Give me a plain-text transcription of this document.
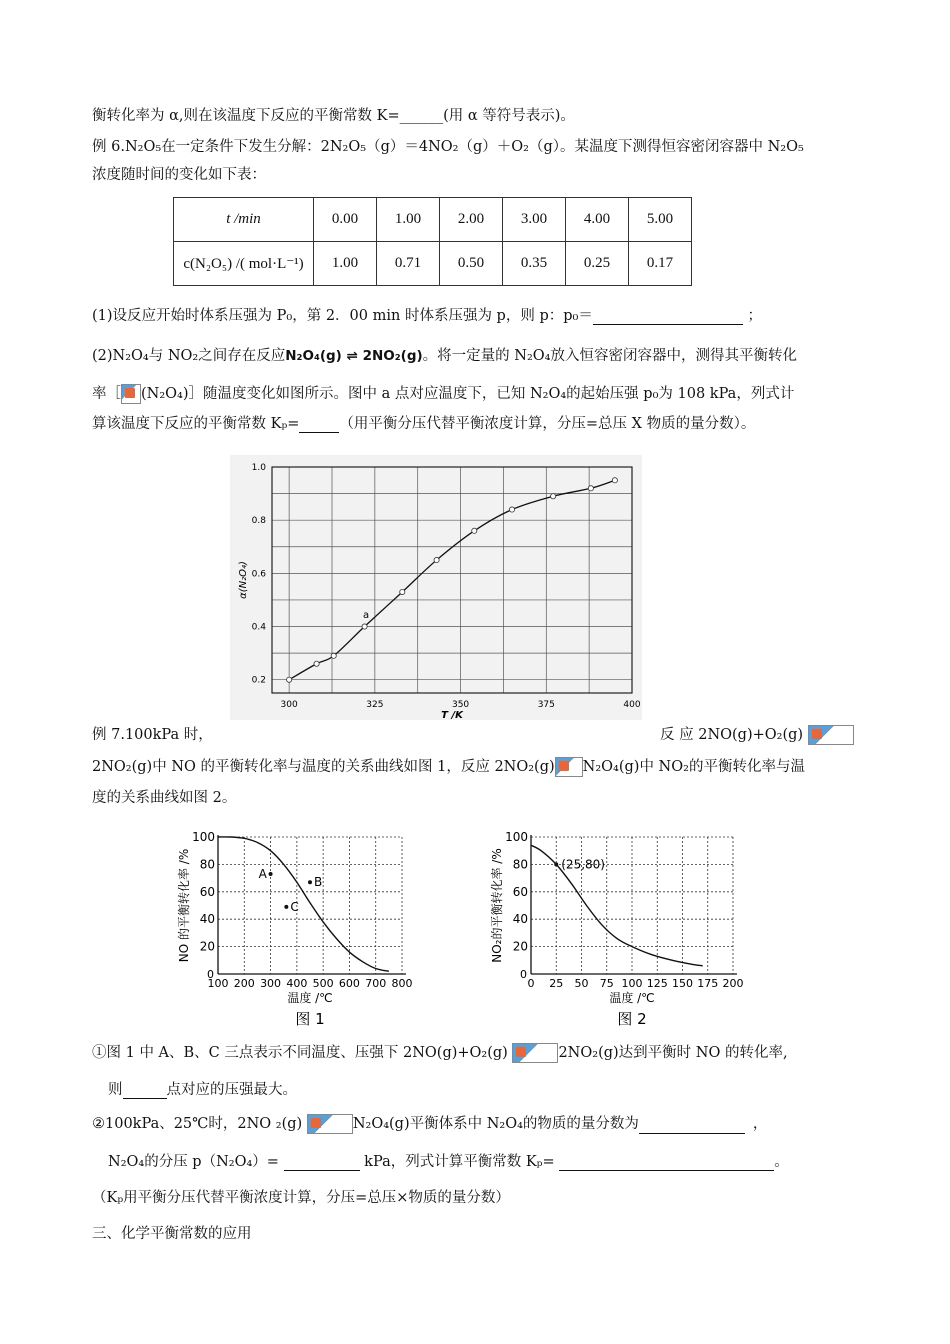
衡转化率为 α,则在该温度下反应的平衡常数 K=______(用 α 等符号表示)。
例 6.N₂O₅在一定条件下发生分解：2N₂O₅（g）＝4NO₂（g）＋O₂（g）。某温度下测得恒容密闭容器中 N₂O₅
浓度随时间的变化如下表：
t /min	0.00	1.00	2.00	3.00	4.00	5.00
c(N₂O₅) /( mol·L⁻¹)	1.00	0.71	0.50	0.35	0.25	0.17
(1)设反应开始时体系压强为 P₀，第 2．00 min 时体系压强为 p，则 p：p₀＝	；
(2)N₂O₄与 NO₂之间存在反应N₂O₄(g) ⇌ 2NO₂(g)。将一定量的 N₂O₄放入恒容密闭容器中，测得其平衡转化
率［ (N₂O₄)］随温度变化如图所示。图中 a 点对应温度下，已知 N₂O₄的起始压强 p₀为 108 kPa，列式计
算该温度下反应的平衡常数 Kₚ=	（用平衡分压代替平衡浓度计算，分压=总压 X 物质的量分数）。
300	325	350	375	400
0.2
0.4
0.6
0.8
1.0
T /K
α(N₂O₄)
a
例 7.100kPa 时，	反 应 2NO(g)+O₂(g)
2NO₂(g)中 NO 的平衡转化率与温度的关系曲线如图 1，反应 2NO₂(g) N₂O₄(g)中 NO₂的平衡转化率与温
度的关系曲线如图 2。
100 200 300 400 500 600 700 800
0
20
40
60
80
100
温度 /℃
图 1
NO 的平衡转化率 /%	A
B
C
0 25 50 75 100 125 150 175 200
0
20
40
60
80
100
温度 /℃
图 2
NO₂的平衡转化率 /%	(25,80)
①图 1 中 A、B、C 三点表示不同温度、压强下 2NO(g)+O₂(g)	2NO₂(g)达到平衡时 NO 的转化率,
则	点对应的压强最大。
②100kPa、25℃时，2NO ₂(g)	N₂O₄(g)平衡体系中 N₂O₄的物质的量分数为	，
N₂O₄的分压 p（N₂O₄）=	kPa，列式计算平衡常数 Kₚ=	。
（Kₚ用平衡分压代替平衡浓度计算，分压=总压×物质的量分数）
三、化学平衡常数的应用
